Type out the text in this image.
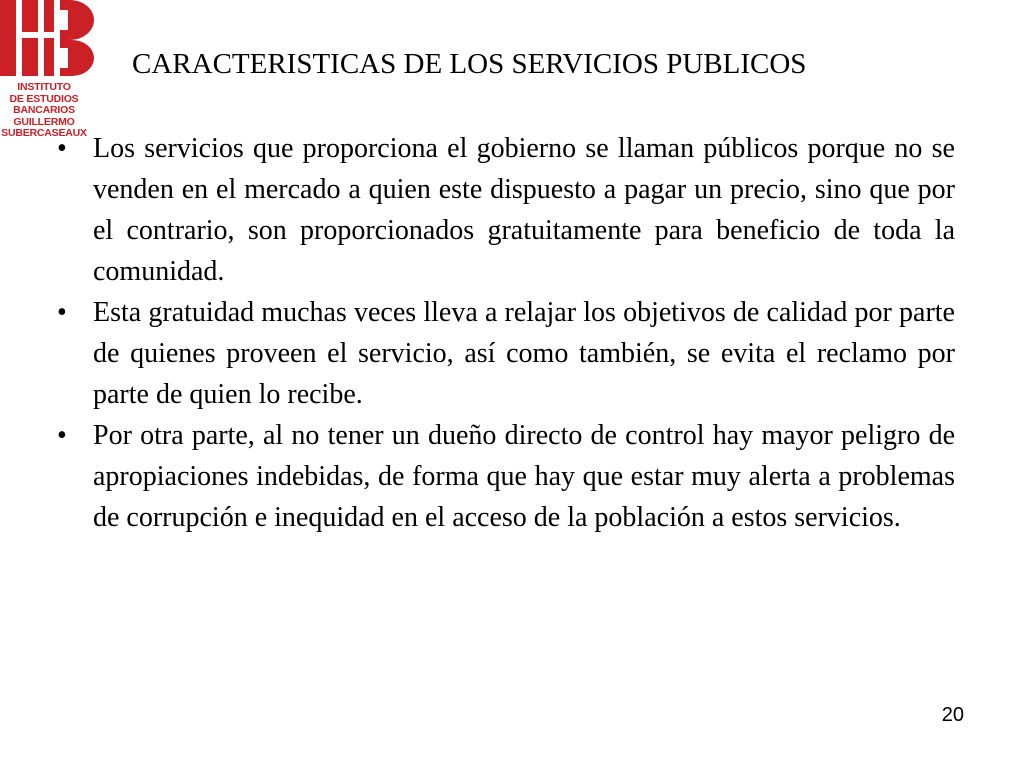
INSTITUTO
DE ESTUDIOS
BANCARIOS
GUILLERMO
SUBERCASEAUX
CARACTERISTICAS DE LOS SERVICIOS PUBLICOS
• Los servicios que proporciona el gobierno se llaman públicos porque no se venden en el mercado a quien este dispuesto a pagar un precio, sino que por el contrario, son proporcionados gratuitamente para beneficio de toda la comunidad.
• Esta gratuidad muchas veces lleva a relajar los objetivos de calidad por parte de quienes proveen el servicio, así como también, se evita el reclamo por parte de quien lo recibe.
• Por otra parte, al no tener un dueño directo de control hay mayor peligro de apropiaciones indebidas, de forma que hay que estar muy alerta a problemas de corrupción e inequidad en el acceso de la población a estos servicios.
20
